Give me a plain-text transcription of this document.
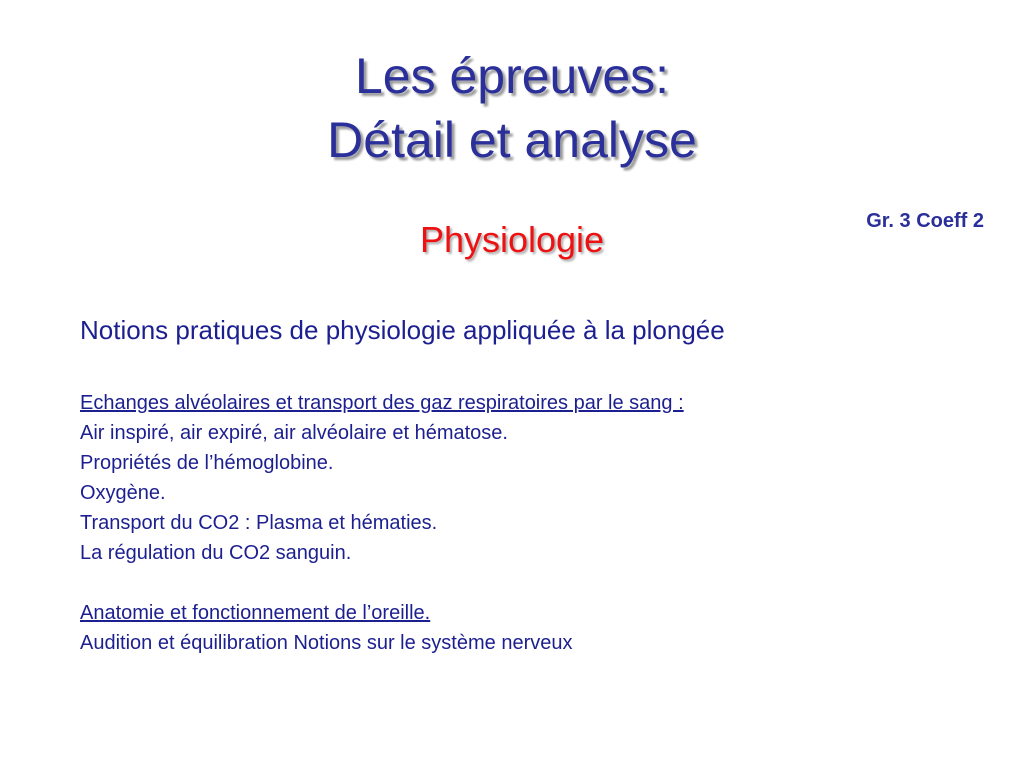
Les épreuves:
Détail et analyse
Physiologie	Gr. 3 Coeff 2

Notions pratiques de physiologie appliquée à la plongée

Echanges alvéolaires et transport des gaz respiratoires par le sang :

Air inspiré, air expiré, air alvéolaire et hématose.

Propriétés de l’hémoglobine.

Oxygène.

Transport du CO2 : Plasma et hématies.

La régulation du CO2 sanguin.

Anatomie et fonctionnement de l’oreille.

Audition et équilibration Notions sur le système nerveux
